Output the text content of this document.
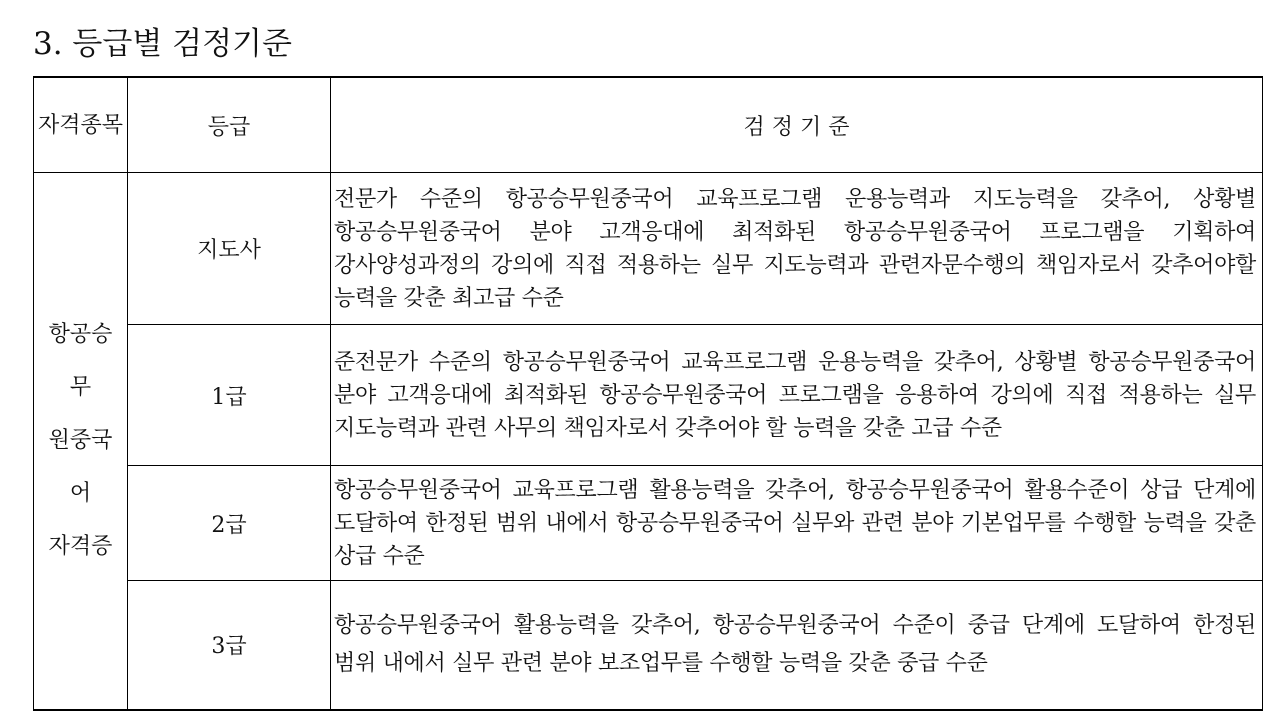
3. 등급별 검정기준
자격종목	등급	검 정 기 준

항공승무
원중국어
자격증	지도사	전문가 수준의 항공승무원중국어 교육프로그램 운용능력과 지도능력을 갖추어, 상황별 항공승무원중국어 분야 고객응대에 최적화된 항공승무원중국어 프로그램을 기획하여 강사양성과정의 강의에 직접 적용하는 실무 지도능력과 관련자문수행의 책임자로서 갖추어야할 능력을 갖춘 최고급 수준
	1급	준전문가 수준의 항공승무원중국어 교육프로그램 운용능력을 갖추어, 상황별 항공승무원중국어 분야 고객응대에 최적화된 항공승무원중국어 프로그램을 응용하여 강의에 직접 적용하는 실무 지도능력과 관련 사무의 책임자로서 갖추어야 할 능력을 갖춘 고급 수준
	2급	항공승무원중국어 교육프로그램 활용능력을 갖추어, 항공승무원중국어 활용수준이 상급 단계에 도달하여 한정된 범위 내에서 항공승무원중국어 실무와 관련 분야 기본업무를 수행할 능력을 갖춘 상급 수준
	3급	항공승무원중국어 활용능력을 갖추어, 항공승무원중국어 수준이 중급 단계에 도달하여 한정된 범위 내에서 실무 관련 분야 보조업무를 수행할 능력을 갖춘 중급 수준
